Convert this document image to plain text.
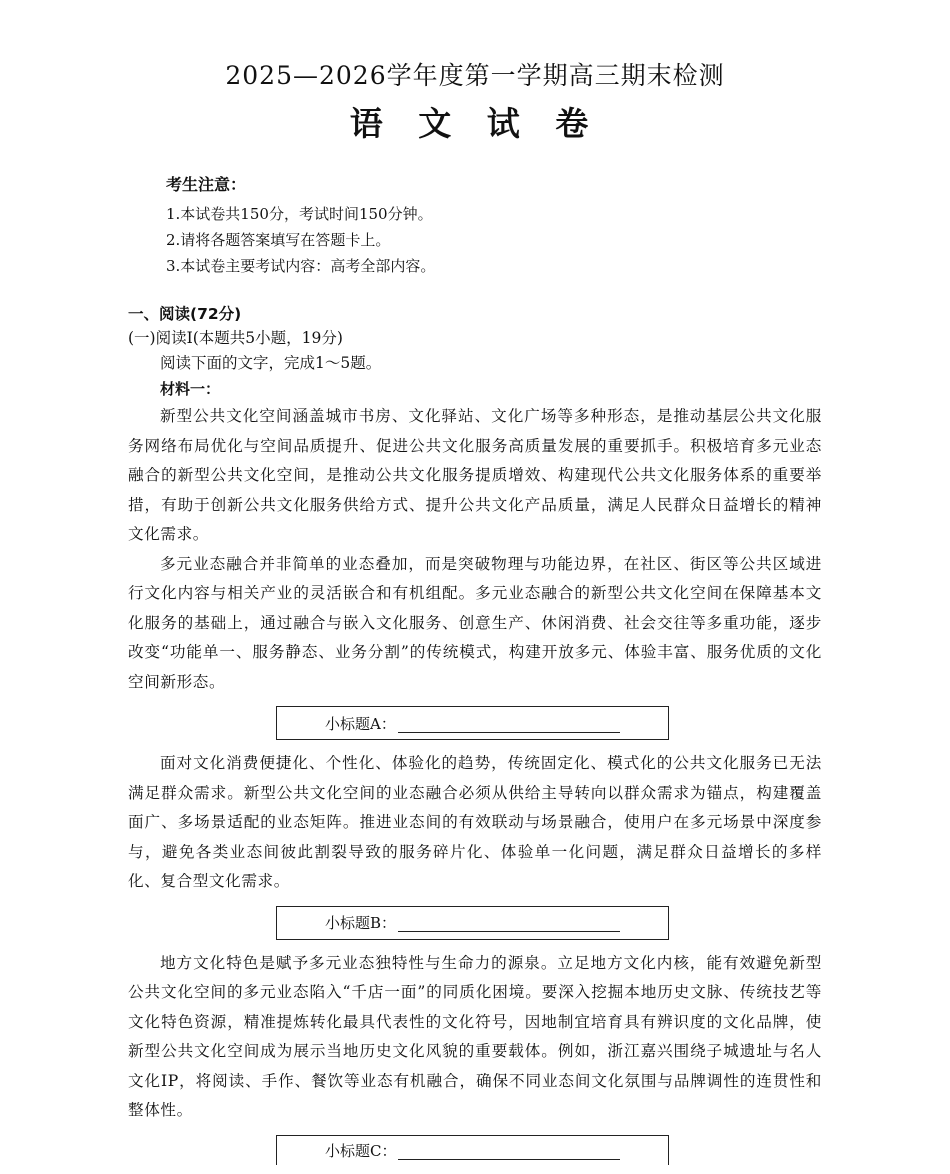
2025—2026学年度第一学期高三期末检测
语 文 试 卷
考生注意：
1.本试卷共150分，考试时间150分钟。
2.请将各题答案填写在答题卡上。
3.本试卷主要考试内容：高考全部内容。
一、阅读(72分)
(一)阅读Ⅰ(本题共5小题，19分)
阅读下面的文字，完成1～5题。
材料一：

新型公共文化空间涵盖城市书房、文化驿站、文化广场等多种形态，是推动基层公共文化服务网络布局优化与空间品质提升、促进公共文化服务高质量发展的重要抓手。积极培育多元业态融合的新型公共文化空间，是推动公共文化服务提质增效、构建现代公共文化服务体系的重要举措，有助于创新公共文化服务供给方式、提升公共文化产品质量，满足人民群众日益增长的精神文化需求。

多元业态融合并非简单的业态叠加，而是突破物理与功能边界，在社区、街区等公共区域进行文化内容与相关产业的灵活嵌合和有机组配。多元业态融合的新型公共文化空间在保障基本文化服务的基础上，通过融合与嵌入文化服务、创意生产、休闲消费、社会交往等多重功能，逐步改变“功能单一、服务静态、业务分割”的传统模式，构建开放多元、体验丰富、服务优质的文化空间新形态。

小标题A：

面对文化消费便捷化、个性化、体验化的趋势，传统固定化、模式化的公共文化服务已无法满足群众需求。新型公共文化空间的业态融合必须从供给主导转向以群众需求为锚点，构建覆盖面广、多场景适配的业态矩阵。推进业态间的有效联动与场景融合，使用户在多元场景中深度参与，避免各类业态间彼此割裂导致的服务碎片化、体验单一化问题，满足群众日益增长的多样化、复合型文化需求。

小标题B：

地方文化特色是赋予多元业态独特性与生命力的源泉。立足地方文化内核，能有效避免新型公共文化空间的多元业态陷入“千店一面”的同质化困境。要深入挖掘本地历史文脉、传统技艺等文化特色资源，精准提炼转化最具代表性的文化符号，因地制宜培育具有辨识度的文化品牌，使新型公共文化空间成为展示当地历史文化风貌的重要载体。例如，浙江嘉兴围绕子城遗址与名人文化IP，将阅读、手作、餐饮等业态有机融合，确保不同业态间文化氛围与品牌调性的连贯性和整体性。

小标题C：
